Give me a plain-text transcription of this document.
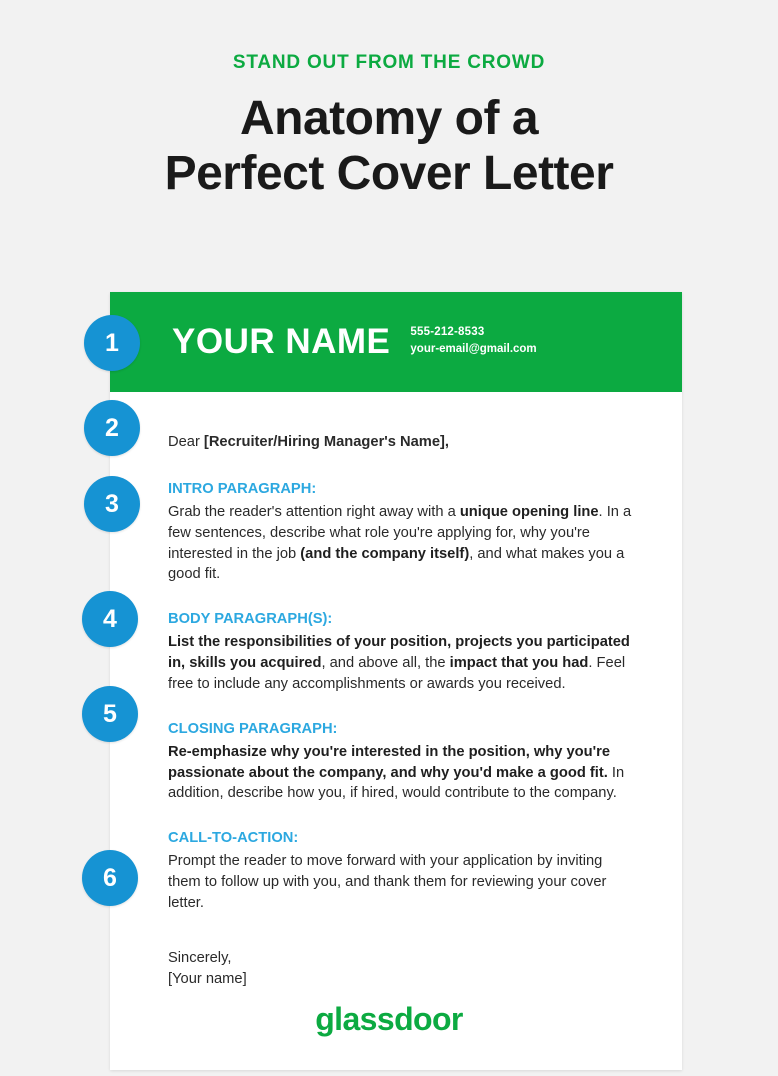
STAND OUT FROM THE CROWD
Anatomy of a
Perfect Cover Letter
YOUR NAME 555-212-8533
your-email@gmail.com

Dear [Recruiter/Hiring Manager's Name],

INTRO PARAGRAPH:

Grab the reader's attention right away with a unique opening line. In a few sentences, describe what role you're applying for, why you're interested in the job (and the company itself), and what makes you a good fit.

BODY PARAGRAPH(S):

List the responsibilities of your position, projects you participated in, skills you acquired, and above all, the impact that you had. Feel free to include any accomplishments or awards you received.

CLOSING PARAGRAPH:

Re-emphasize why you're interested in the position, why you're passionate about the company, and why you'd make a good fit. In addition, describe how you, if hired, would contribute to the company.

CALL-TO-ACTION:

Prompt the reader to move forward with your application by inviting them to follow up with you, and thank them for reviewing your cover letter.

Sincerely,
[Your name]
1
2
3
4
5
6
glassdoor
